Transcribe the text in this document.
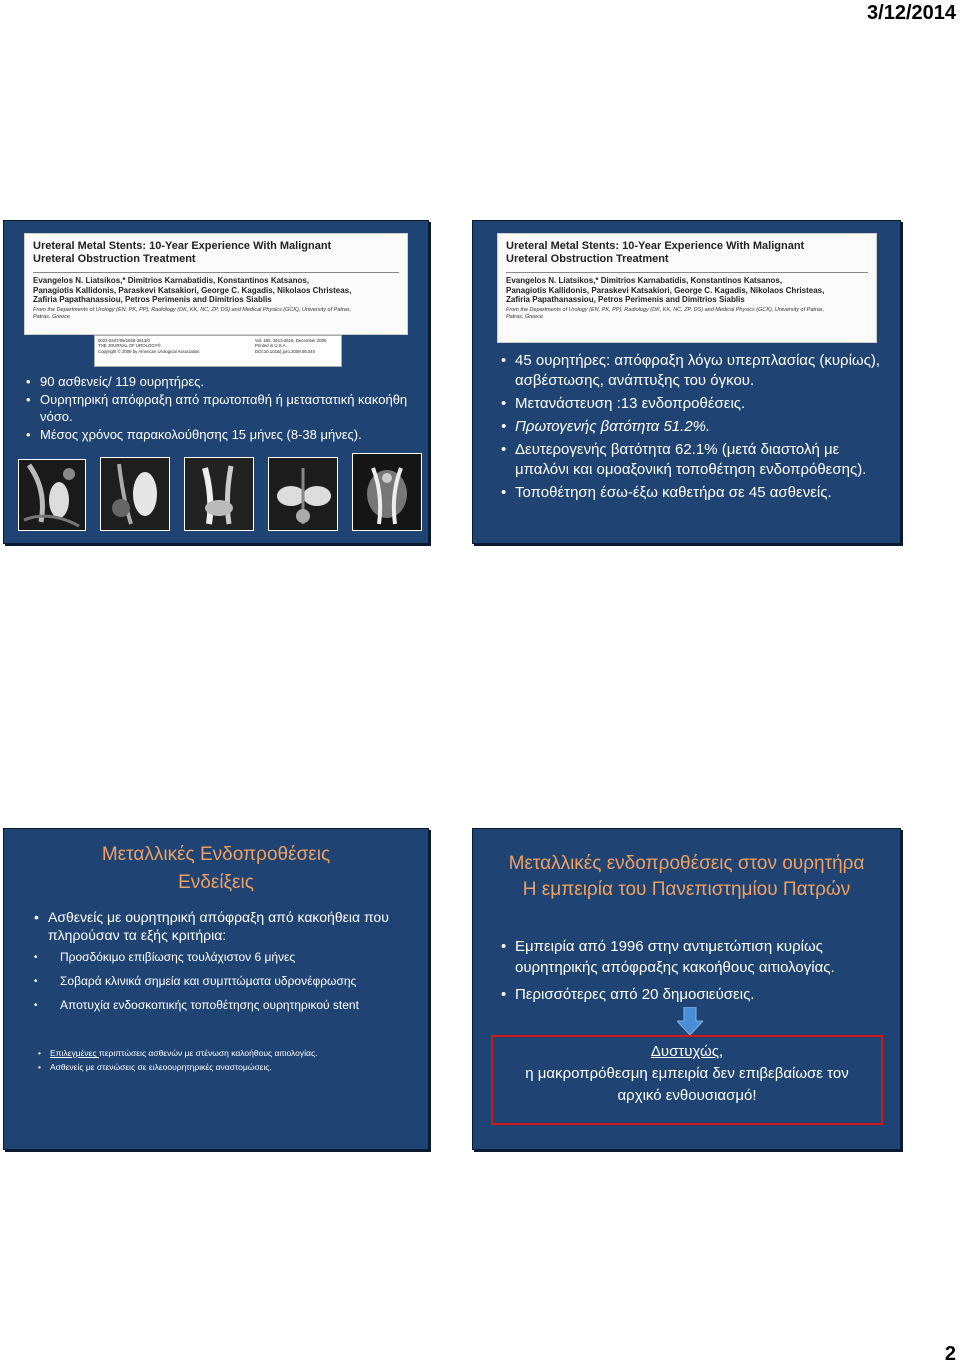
3/12/2014
Ureteral Metal Stents: 10-Year Experience With Malignant
Ureteral Obstruction Treatment
Evangelos N. Liatsikos,* Dimitrios Karnabatidis, Konstantinos Katsanos,
Panagiotis Kallidonis, Paraskevi Katsakiori, George C. Kagadis, Nikolaos Christeas,
Zafiria Papathanassiou, Petros Perimenis and Dimitrios Siablis
From the Departments of Urology (EN, PK, PP), Radiology (DK, KK, NC, ZP, DS) and Medical Physics (GCK), University of Patras,
Patras, Greece
0022-5347/09/1826-2613/0
THE JOURNAL OF UROLOGY®
Copyright © 2009 by American Urological Association
Vol. 182, 2613-2618, December 2009
Printed in U.S.A.
DOI:10.1016/j.juro.2009.08.040
• 90 ασθενείς/ 119 ουρητήρες.
• Ουρητηρική απόφραξη από πρωτοπαθή ή μεταστατική κακοήθη νόσο.
• Μέσος χρόνος παρακολούθησης 15 μήνες (8-38 μήνες).
Ureteral Metal Stents: 10-Year Experience With Malignant
Ureteral Obstruction Treatment
Evangelos N. Liatsikos,* Dimitrios Karnabatidis, Konstantinos Katsanos,
Panagiotis Kallidonis, Paraskevi Katsakiori, George C. Kagadis, Nikolaos Christeas,
Zafiria Papathanassiou, Petros Perimenis and Dimitrios Siablis
From the Departments of Urology (EN, PK, PP), Radiology (DK, KK, NC, ZP, DS) and Medical Physics (GCK), University of Patras,
Patras, Greece
• 45 ουρητήρες: απόφραξη λόγω υπερπλασίας (κυρίως), ασβέστωσης, ανάπτυξης του όγκου.
• Μετανάστευση :13 ενδοπροθέσεις.
• Πρωτογενής βατότητα 51.2%.
• Δευτερογενής βατότητα 62.1% (μετά διαστολή με μπαλόνι και ομοαξονική τοποθέτηση ενδοπρόθεσης).
• Τοποθέτηση έσω-έξω καθετήρα σε 45 ασθενείς.
Μεταλλικές Ενδοπροθέσεις
Ενδείξεις
• Ασθενείς με ουρητηρική απόφραξη από κακοήθεια που πληρούσαν τα εξής κριτήρια:
• Προσδόκιμο επιβίωσης τουλάχιστον 6 μήνες
• Σοβαρά κλινικά σημεία και συμπτώματα υδρονέφρωσης
• Αποτυχία ενδοσκοπικής τοποθέτησης ουρητηρικού stent
• Επιλεγμένες περιπτώσεις ασθενών με στένωση καλοήθους αιτιολογίας.
• Ασθενείς με στενώσεις σε ειλεοουρητηρικές αναστομώσεις.
Μεταλλικές ενδοπροθέσεις στον ουρητήρα
Η εμπειρία του Πανεπιστημίου Πατρών
• Εμπειρία από 1996 στην αντιμετώπιση κυρίως ουρητηρικής απόφραξης κακοήθους αιτιολογίας.
• Περισσότερες από 20 δημοσιεύσεις.
Δυστυχώς,
η μακροπρόθεσμη εμπειρία δεν επιβεβαίωσε τον
αρχικό ενθουσιασμό!
2
